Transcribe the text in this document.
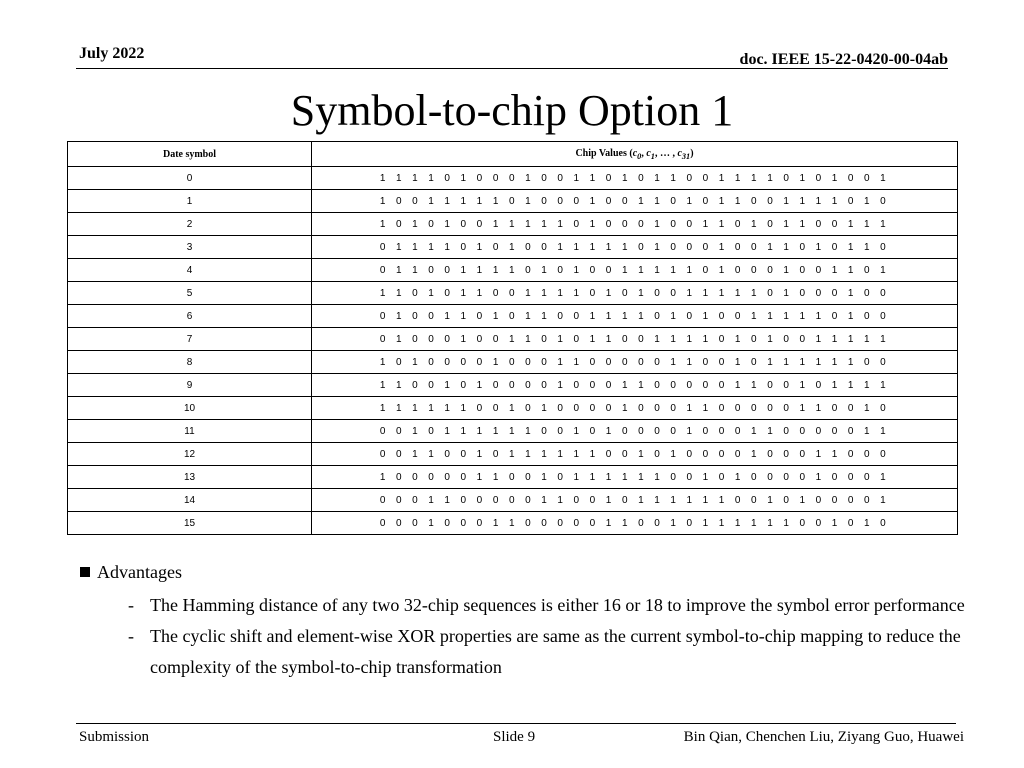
July 2022	doc. IEEE 15-22-0420-00-04ab
Symbol-to-chip Option 1
Date symbol	Chip Values ($c_0$, $c_1$, … , $c_{31}$)
0	1 1 1 1 0 1 0 0 0 1 0 0 1 1 0 1 0 1 1 0 0 1 1 1 1 0 1 0 1 0 0 1
1	1 0 0 1 1 1 1 1 0 1 0 0 0 1 0 0 1 1 0 1 0 1 1 0 0 1 1 1 1 0 1 0
2	1 0 1 0 1 0 0 1 1 1 1 1 0 1 0 0 0 1 0 0 1 1 0 1 0 1 1 0 0 1 1 1
3	0 1 1 1 1 0 1 0 1 0 0 1 1 1 1 1 0 1 0 0 0 1 0 0 1 1 0 1 0 1 1 0
4	0 1 1 0 0 1 1 1 1 0 1 0 1 0 0 1 1 1 1 1 0 1 0 0 0 1 0 0 1 1 0 1
5	1 1 0 1 0 1 1 0 0 1 1 1 1 0 1 0 1 0 0 1 1 1 1 1 0 1 0 0 0 1 0 0
6	0 1 0 0 1 1 0 1 0 1 1 0 0 1 1 1 1 0 1 0 1 0 0 1 1 1 1 1 0 1 0 0
7	0 1 0 0 0 1 0 0 1 1 0 1 0 1 1 0 0 1 1 1 1 0 1 0 1 0 0 1 1 1 1 1
8	1 0 1 0 0 0 0 1 0 0 0 1 1 0 0 0 0 0 1 1 0 0 1 0 1 1 1 1 1 1 0 0
9	1 1 0 0 1 0 1 0 0 0 0 1 0 0 0 1 1 0 0 0 0 0 1 1 0 0 1 0 1 1 1 1
10	1 1 1 1 1 1 0 0 1 0 1 0 0 0 0 1 0 0 0 1 1 0 0 0 0 0 1 1 0 0 1 0
11	0 0 1 0 1 1 1 1 1 1 0 0 1 0 1 0 0 0 0 1 0 0 0 1 1 0 0 0 0 0 1 1
12	0 0 1 1 0 0 1 0 1 1 1 1 1 1 0 0 1 0 1 0 0 0 0 1 0 0 0 1 1 0 0 0
13	1 0 0 0 0 0 1 1 0 0 1 0 1 1 1 1 1 1 0 0 1 0 1 0 0 0 0 1 0 0 0 1
14	0 0 0 1 1 0 0 0 0 0 1 1 0 0 1 0 1 1 1 1 1 1 0 0 1 0 1 0 0 0 0 1
15	0 0 0 1 0 0 0 1 1 0 0 0 0 0 1 1 0 0 1 0 1 1 1 1 1 1 0 0 1 0 1 0
Advantages
- The Hamming distance of any two 32-chip sequences is either 16 or 18 to improve the symbol error performance
- The cyclic shift and element-wise XOR properties are same as the current symbol-to-chip mapping to reduce the complexity of the symbol-to-chip transformation
Submission	Slide 9	Bin Qian, Chenchen Liu, Ziyang Guo, Huawei
